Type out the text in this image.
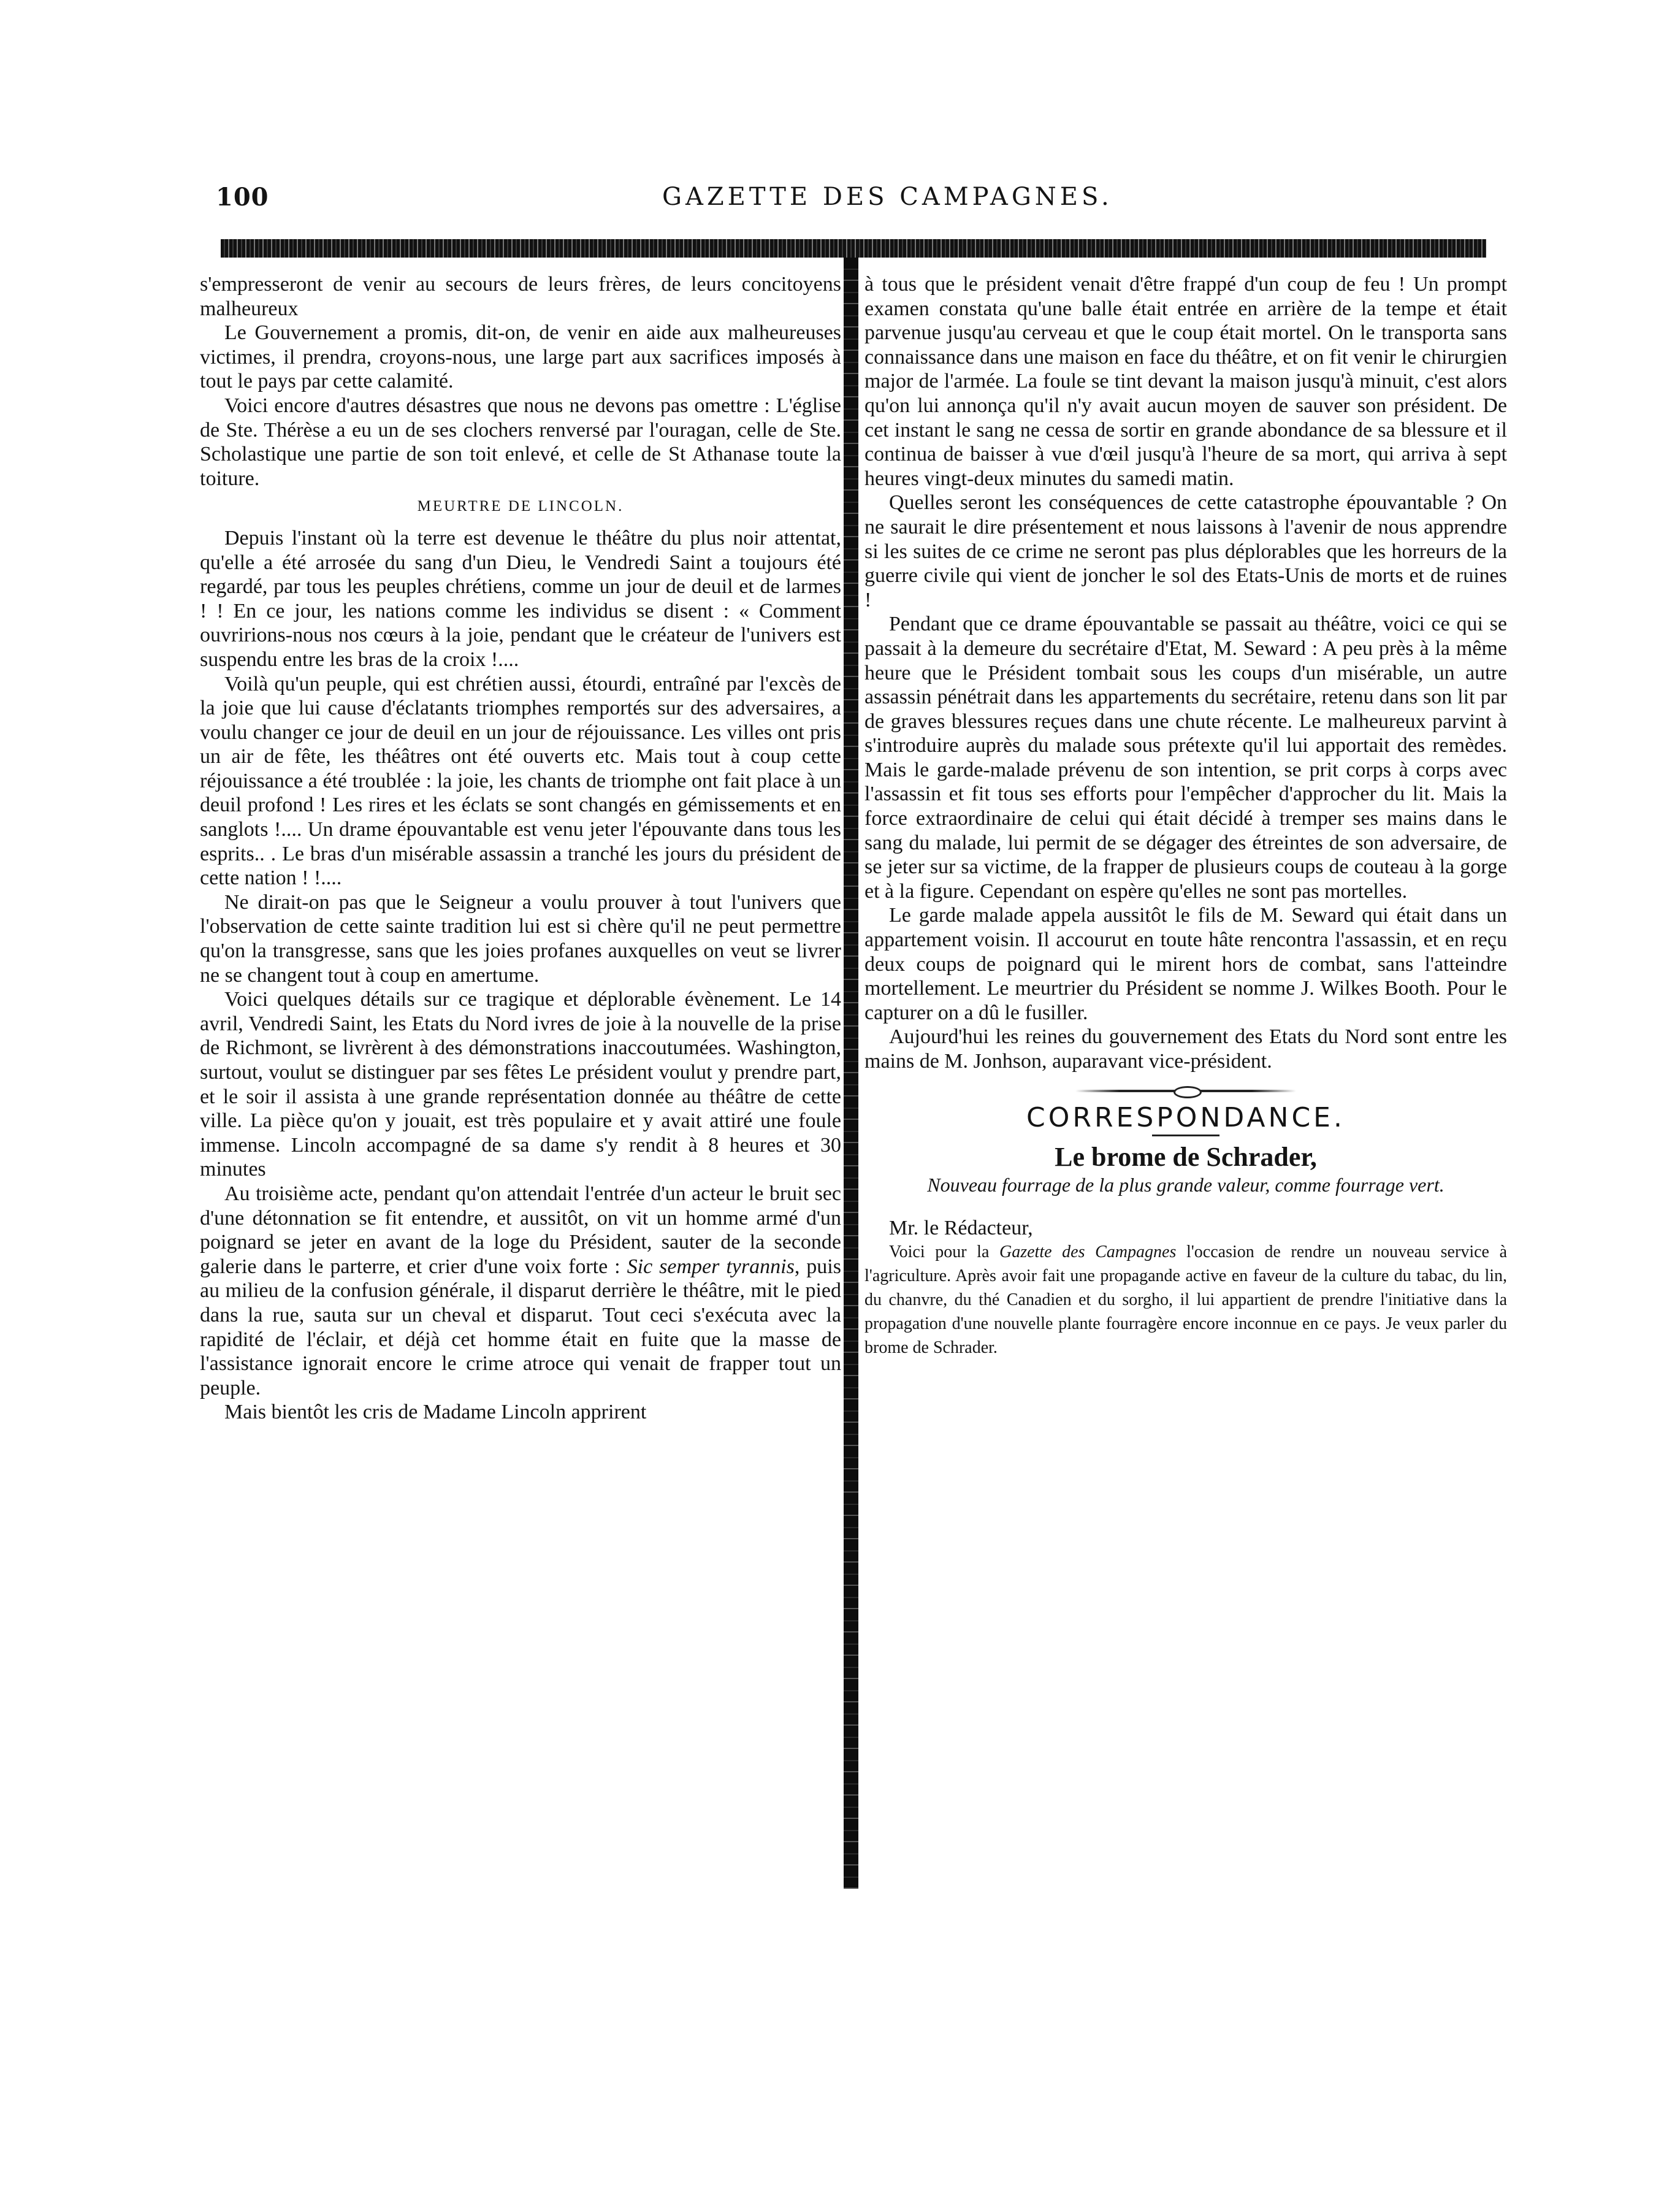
100	GAZETTE DES CAMPAGNES.

s'empresseront de venir au secours de leurs frères, de leurs concitoyens malheureux

Le Gouvernement a promis, dit-on, de venir en aide aux malheureuses victimes, il prendra, croyons-nous, une large part aux sacrifices imposés à tout le pays par cette calamité.

Voici encore d'autres désastres que nous ne devons pas omettre : L'église de Ste. Thérèse a eu un de ses clochers renversé par l'ouragan, celle de Ste. Scholastique une partie de son toit enlevé, et celle de St Athanase toute la toiture.

MEURTRE DE LINCOLN.

Depuis l'instant où la terre est devenue le théâtre du plus noir attentat, qu'elle a été arrosée du sang d'un Dieu, le Vendredi Saint a toujours été regardé, par tous les peuples chrétiens, comme un jour de deuil et de larmes ! ! En ce jour, les nations comme les individus se disent : « Comment ouvririons-nous nos cœurs à la joie, pendant que le créateur de l'univers est suspendu entre les bras de la croix !....

Voilà qu'un peuple, qui est chrétien aussi, étourdi, entraîné par l'excès de la joie que lui cause d'éclatants triomphes remportés sur des adversaires, a voulu changer ce jour de deuil en un jour de réjouissance. Les villes ont pris un air de fête, les théâtres ont été ouverts etc. Mais tout à coup cette réjouissance a été troublée : la joie, les chants de triomphe ont fait place à un deuil profond ! Les rires et les éclats se sont changés en gémissements et en sanglots !.... Un drame épouvantable est venu jeter l'épouvante dans tous les esprits.. . Le bras d'un misérable assassin a tranché les jours du président de cette nation ! !....

Ne dirait-on pas que le Seigneur a voulu prouver à tout l'univers que l'observation de cette sainte tradition lui est si chère qu'il ne peut permettre qu'on la transgresse, sans que les joies profanes auxquelles on veut se livrer ne se changent tout à coup en amertume.

Voici quelques détails sur ce tragique et déplorable évènement. Le 14 avril, Vendredi Saint, les Etats du Nord ivres de joie à la nouvelle de la prise de Richmont, se livrèrent à des démonstrations inaccoutumées. Washington, surtout, voulut se distinguer par ses fêtes Le président voulut y prendre part, et le soir il assista à une grande représentation donnée au théâtre de cette ville. La pièce qu'on y jouait, est très populaire et y avait attiré une foule immense. Lincoln accompagné de sa dame s'y rendit à 8 heures et 30 minutes

Au troisième acte, pendant qu'on attendait l'entrée d'un acteur le bruit sec d'une détonnation se fit entendre, et aussitôt, on vit un homme armé d'un poignard se jeter en avant de la loge du Président, sauter de la seconde galerie dans le parterre, et crier d'une voix forte : Sic semper tyrannis, puis au milieu de la confusion générale, il disparut derrière le théâtre, mit le pied dans la rue, sauta sur un cheval et disparut. Tout ceci s'exécuta avec la rapidité de l'éclair, et déjà cet homme était en fuite que la masse de l'assistance ignorait encore le crime atroce qui venait de frapper tout un peuple.

Mais bientôt les cris de Madame Lincoln apprirent

à tous que le président venait d'être frappé d'un coup de feu ! Un prompt examen constata qu'une balle était entrée en arrière de la tempe et était parvenue jusqu'au cerveau et que le coup était mortel. On le transporta sans connaissance dans une maison en face du théâtre, et on fit venir le chirurgien major de l'armée. La foule se tint devant la maison jusqu'à minuit, c'est alors qu'on lui annonça qu'il n'y avait aucun moyen de sauver son président. De cet instant le sang ne cessa de sortir en grande abondance de sa blessure et il continua de baisser à vue d'œil jusqu'à l'heure de sa mort, qui arriva à sept heures vingt-deux minutes du samedi matin.

Quelles seront les conséquences de cette catastrophe épouvantable ? On ne saurait le dire présentement et nous laissons à l'avenir de nous apprendre si les suites de ce crime ne seront pas plus déplorables que les horreurs de la guerre civile qui vient de joncher le sol des Etats-Unis de morts et de ruines !

Pendant que ce drame épouvantable se passait au théâtre, voici ce qui se passait à la demeure du secrétaire d'Etat, M. Seward : A peu près à la même heure que le Président tombait sous les coups d'un misérable, un autre assassin pénétrait dans les appartements du secrétaire, retenu dans son lit par de graves blessures reçues dans une chute récente. Le malheureux parvint à s'introduire auprès du malade sous prétexte qu'il lui apportait des remèdes. Mais le garde-malade prévenu de son intention, se prit corps à corps avec l'assassin et fit tous ses efforts pour l'empêcher d'approcher du lit. Mais la force extraordinaire de celui qui était décidé à tremper ses mains dans le sang du malade, lui permit de se dégager des étreintes de son adversaire, de se jeter sur sa victime, de la frapper de plusieurs coups de couteau à la gorge et à la figure. Cependant on espère qu'elles ne sont pas mortelles.

Le garde malade appela aussitôt le fils de M. Seward qui était dans un appartement voisin. Il accourut en toute hâte rencontra l'assassin, et en reçu deux coups de poignard qui le mirent hors de combat, sans l'atteindre mortellement. Le meurtrier du Président se nomme J. Wilkes Booth. Pour le capturer on a dû le fusiller.

Aujourd'hui les reines du gouvernement des Etats du Nord sont entre les mains de M. Jonhson, auparavant vice-président.

CORRESPONDANCE.
Le brome de Schrader,
Nouveau fourrage de la plus grande valeur, comme fourrage vert.

Mr. le Rédacteur,

Voici pour la Gazette des Campagnes l'occasion de rendre un nouveau service à l'agriculture. Après avoir fait une propagande active en faveur de la culture du tabac, du lin, du chanvre, du thé Canadien et du sorgho, il lui appartient de prendre l'initiative dans la propagation d'une nouvelle plante fourragère encore inconnue en ce pays. Je veux parler du brome de Schrader.
